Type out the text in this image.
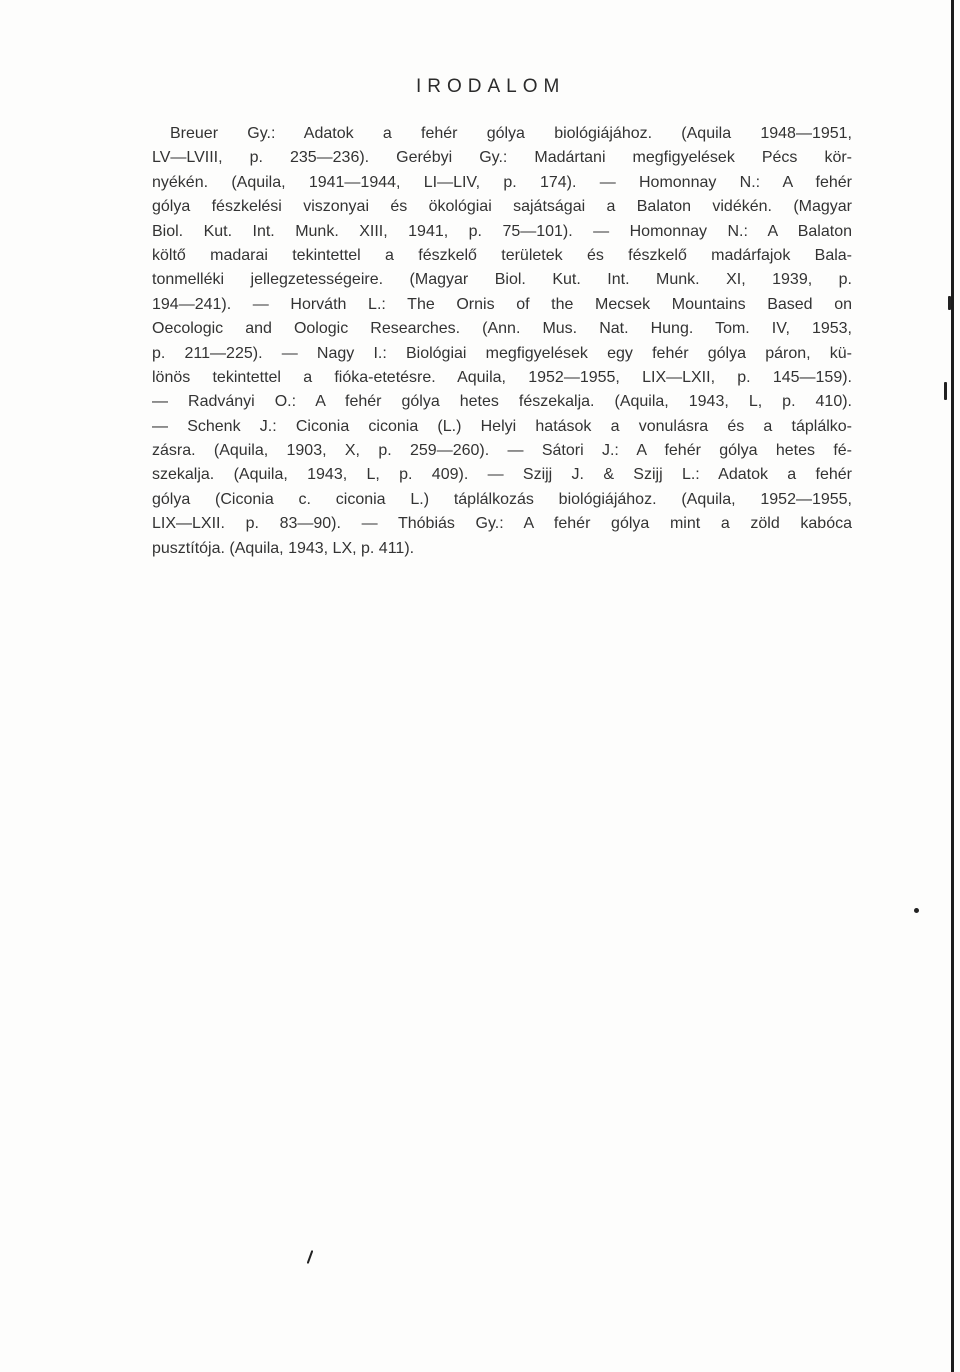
IRODALOM
Breuer Gy.: Adatok a fehér gólya biológiájához. (Aquila 1948—1951,
LV—LVIII, p. 235—236). Gerébyi Gy.: Madártani megfigyelések Pécs kör-
nyékén. (Aquila, 1941—1944, LI—LIV, p. 174). — Homonnay N.: A fehér
gólya fészkelési viszonyai és ökológiai sajátságai a Balaton vidékén. (Magyar
Biol. Kut. Int. Munk. XIII, 1941, p. 75—101). — Homonnay N.: A Balaton
költő madarai tekintettel a fészkelő területek és fészkelő madárfajok Bala-
tonmelléki jellegzetességeire. (Magyar Biol. Kut. Int. Munk. XI, 1939, p.
194—241). — Horváth L.: The Ornis of the Mecsek Mountains Based on
Oecologic and Oologic Researches. (Ann. Mus. Nat. Hung. Tom. IV, 1953,
p. 211—225). — Nagy I.: Biológiai megfigyelések egy fehér gólya páron, kü-
lönös tekintettel a fióka-etetésre. Aquila, 1952—1955, LIX—LXII, p. 145—159).
— Radványi O.: A fehér gólya hetes fészekalja. (Aquila, 1943, L, p. 410).
— Schenk J.: Ciconia ciconia (L.) Helyi hatások a vonulásra és a táplálko-
zásra. (Aquila, 1903, X, p. 259—260). — Sátori J.: A fehér gólya hetes fé-
szekalja. (Aquila, 1943, L, p. 409). — Szijj J. & Szijj L.: Adatok a fehér
gólya (Ciconia c. ciconia L.) táplálkozás biológiájához. (Aquila, 1952—1955,
LIX—LXII. p. 83—90). — Thóbiás Gy.: A fehér gólya mint a zöld kabóca
pusztítója. (Aquila, 1943, LX, p. 411).
